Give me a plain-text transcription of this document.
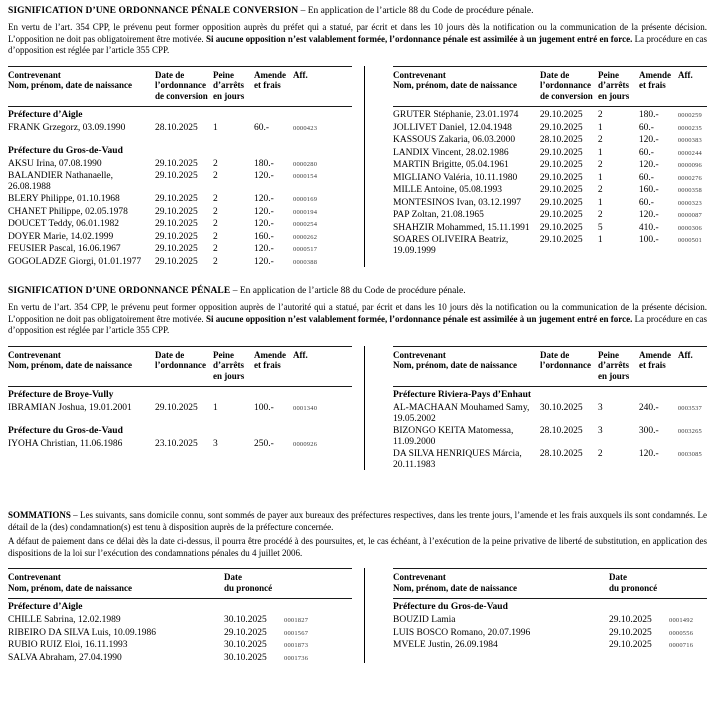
SIGNIFICATION D’UNE ORDONNANCE PÉNALE CONVERSION – En application de l’article 88 du Code de procédure pénale.

En vertu de l’art. 354 CPP, le prévenu peut former opposition auprès du préfet qui a statué, par écrit et dans les 10 jours dès la notification ou la communication de la présente décision. L’opposition ne doit pas obligatoirement être motivée. Si aucune opposition n’est valablement formée, l’ordonnance pénale est assimilée à un jugement entré en force. La procédure en cas d’opposition est réglée par l’article 355 CPP.

Contrevenant
Nom, prénom, date de naissance
Date de
l’ordonnance
de conversion
Peine
d’arrêts
en jours
Amende
et frais
Aff.
Préfecture d’Aigle
FRANK Grzegorz, 03.09.1990	28.10.2025	1	60.-	0000423
Préfecture du Gros-de-Vaud
AKSU Irina, 07.08.1990	29.10.2025	2	180.-	0000280
BALANDIER Nathanaelle, 26.08.1988
29.10.2025	2	120.-	0000154
BLERY Philippe, 01.10.1968	29.10.2025	2	120.-	0000169
CHANET Philippe, 02.05.1978	29.10.2025	2	120.-	0000194
DOUCET Teddy, 06.01.1982	29.10.2025	2	120.-	0000254
DOYER Marie, 14.02.1999	29.10.2025	2	160.-	0000262
FEUSIER Pascal, 16.06.1967	29.10.2025	2	120.-	0000517
GOGOLADZE Giorgi, 01.01.1977	29.10.2025	2	120.-	0000388
Contrevenant
Nom, prénom, date de naissance
Date de
l’ordonnance
de conversion
Peine
d’arrêts
en jours
Amende
et frais
Aff.
GRUTER Stéphanie, 23.01.1974	29.10.2025	2	180.-	0000259
JOLLIVET Daniel, 12.04.1948	29.10.2025	1	60.-	0000235
KASSOUS Zakaria, 06.03.2000	28.10.2025	2	120.-	0000383
LANDIX Vincent, 28.02.1986	29.10.2025	1	60.-	0000244
MARTIN Brigitte, 05.04.1961	29.10.2025	2	120.-	0000096
MIGLIANO Valéria, 10.11.1980	29.10.2025	1	60.-	0000276
MILLE Antoine, 05.08.1993	29.10.2025	2	160.-	0000358
MONTESINOS Ivan, 03.12.1997	29.10.2025	1	60.-	0000323
PAP Zoltan, 21.08.1965	29.10.2025	2	120.-	0000087
SHAHZIR Mohammed, 15.11.1991	29.10.2025	5	410.-	0000306
SOARES OLIVEIRA Beatriz, 19.09.1999
29.10.2025	1	100.-	0000501

SIGNIFICATION D’UNE ORDONNANCE PÉNALE – En application de l’article 88 du Code de procédure pénale.

En vertu de l’art. 354 CPP, le prévenu peut former opposition auprès de l’autorité qui a statué, par écrit et dans les 10 jours dès la notification ou la communication de la présente décision. L’opposition ne doit pas obligatoirement être motivée. Si aucune opposition n’est valablement formée, l’ordonnance pénale est assimilée à un jugement entré en force. La procédure en cas d’opposition est réglée par l’article 355 CPP.

Contrevenant
Nom, prénom, date de naissance
Date de
l’ordonnance
Peine
d’arrêts
en jours
Amende
et frais
Aff.
Préfecture de Broye-Vully
IBRAMIAN Joshua, 19.01.2001	29.10.2025	1	100.-	0001340
Préfecture du Gros-de-Vaud
IYOHA Christian, 11.06.1986	23.10.2025	3	250.-	0000926
Contrevenant
Nom, prénom, date de naissance
Date de
l’ordonnance
Peine
d’arrêts
en jours
Amende
et frais
Aff.
Préfecture Riviera-Pays d’Enhaut
AL-MACHAAN Mouhamed Samy, 19.05.2002
30.10.2025	3	240.-	0003537
BIZONGO KEITA Matomessa, 11.09.2000
28.10.2025	3	300.-	0003265
DA SILVA HENRIQUES Márcia, 20.11.1983
28.10.2025	2	120.-	0003085

SOMMATIONS – Les suivants, sans domicile connu, sont sommés de payer aux bureaux des préfectures respectives, dans les trente jours, l’amende et les frais auxquels ils sont condamnés. Le détail de la (des) condamnation(s) est tenu à disposition auprès de la préfecture concernée.

A défaut de paiement dans ce délai dès la date ci-dessus, il pourra être procédé à des poursuites, et, le cas échéant, à l’exécution de la peine privative de liberté de substitution, en application des dispositions de la loi sur l’exécution des condamnations pénales du 4 juillet 2006.

Contrevenant
Nom, prénom, date de naissance
Date
du prononcé
Préfecture d’Aigle
CHILLE Sabrina, 12.02.1989	30.10.2025	0001827
RIBEIRO DA SILVA Luis, 10.09.1986	29.10.2025	0001567
RUBIO RUIZ Eloi, 16.11.1993	30.10.2025	0001873
SALVA Abraham, 27.04.1990	30.10.2025	0001736
Contrevenant
Nom, prénom, date de naissance
Date
du prononcé
Préfecture du Gros-de-Vaud
BOUZID Lamia	29.10.2025	0001492
LUIS BOSCO Romano, 20.07.1996	29.10.2025	0000556
MVELE Justin, 26.09.1984	29.10.2025	0000716
